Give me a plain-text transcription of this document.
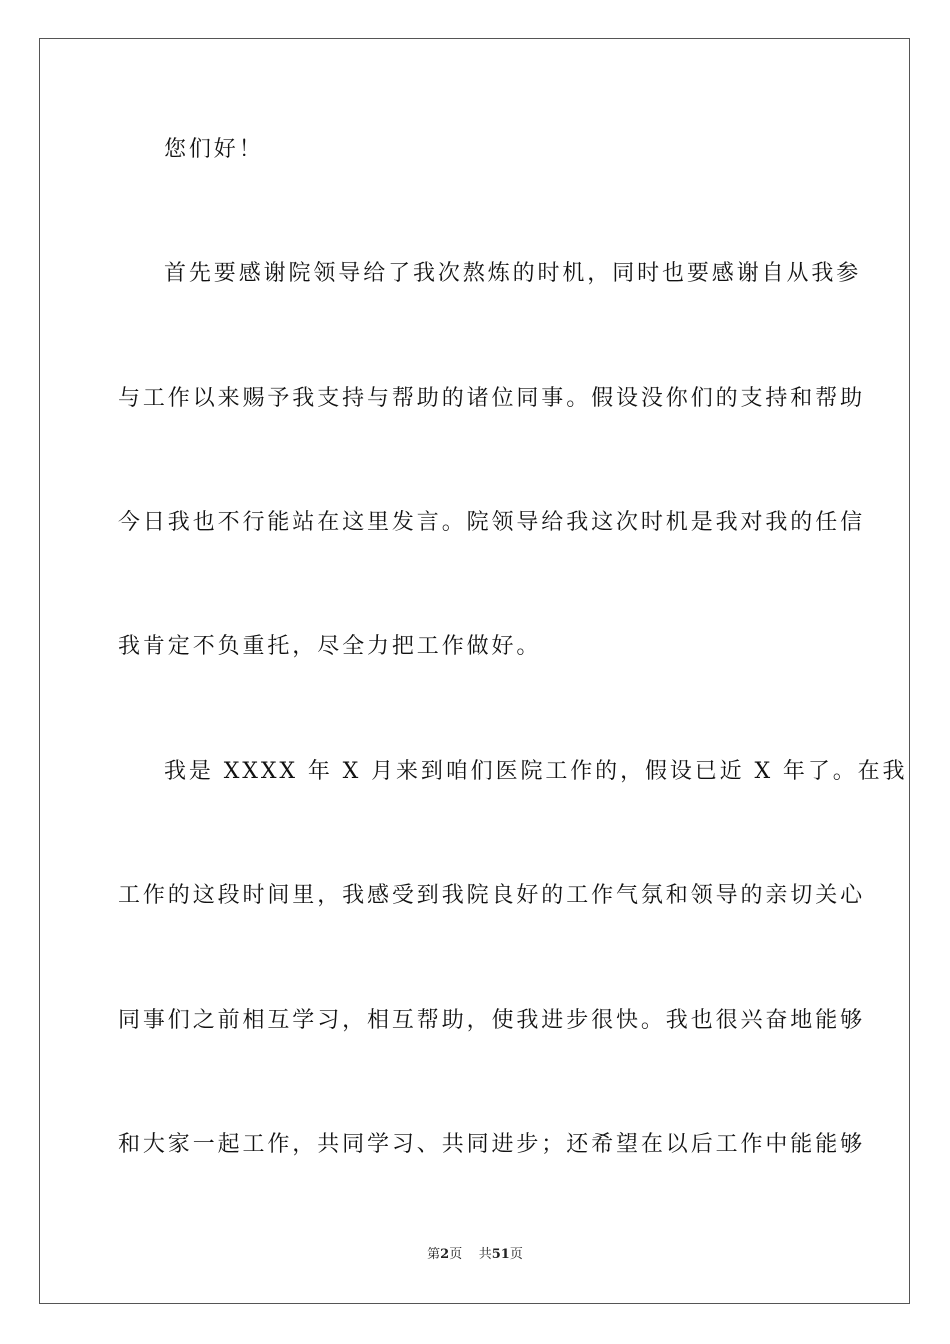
您们好！
首先要感谢院领导给了我次熬炼的时机，同时也要感谢自从我参
与工作以来赐予我支持与帮助的诸位同事。假设没你们的支持和帮助
今日我也不行能站在这里发言。院领导给我这次时机是我对我的任信
我肯定不负重托，尽全力把工作做好。
我是 XXXX 年 X 月来到咱们医院工作的，假设已近 X 年了。在我
工作的这段时间里，我感受到我院良好的工作气氛和领导的亲切关心
同事们之前相互学习，相互帮助，使我进步很快。我也很兴奋地能够
和大家一起工作，共同学习、共同进步；还希望在以后工作中能能够
第2页 共51页
